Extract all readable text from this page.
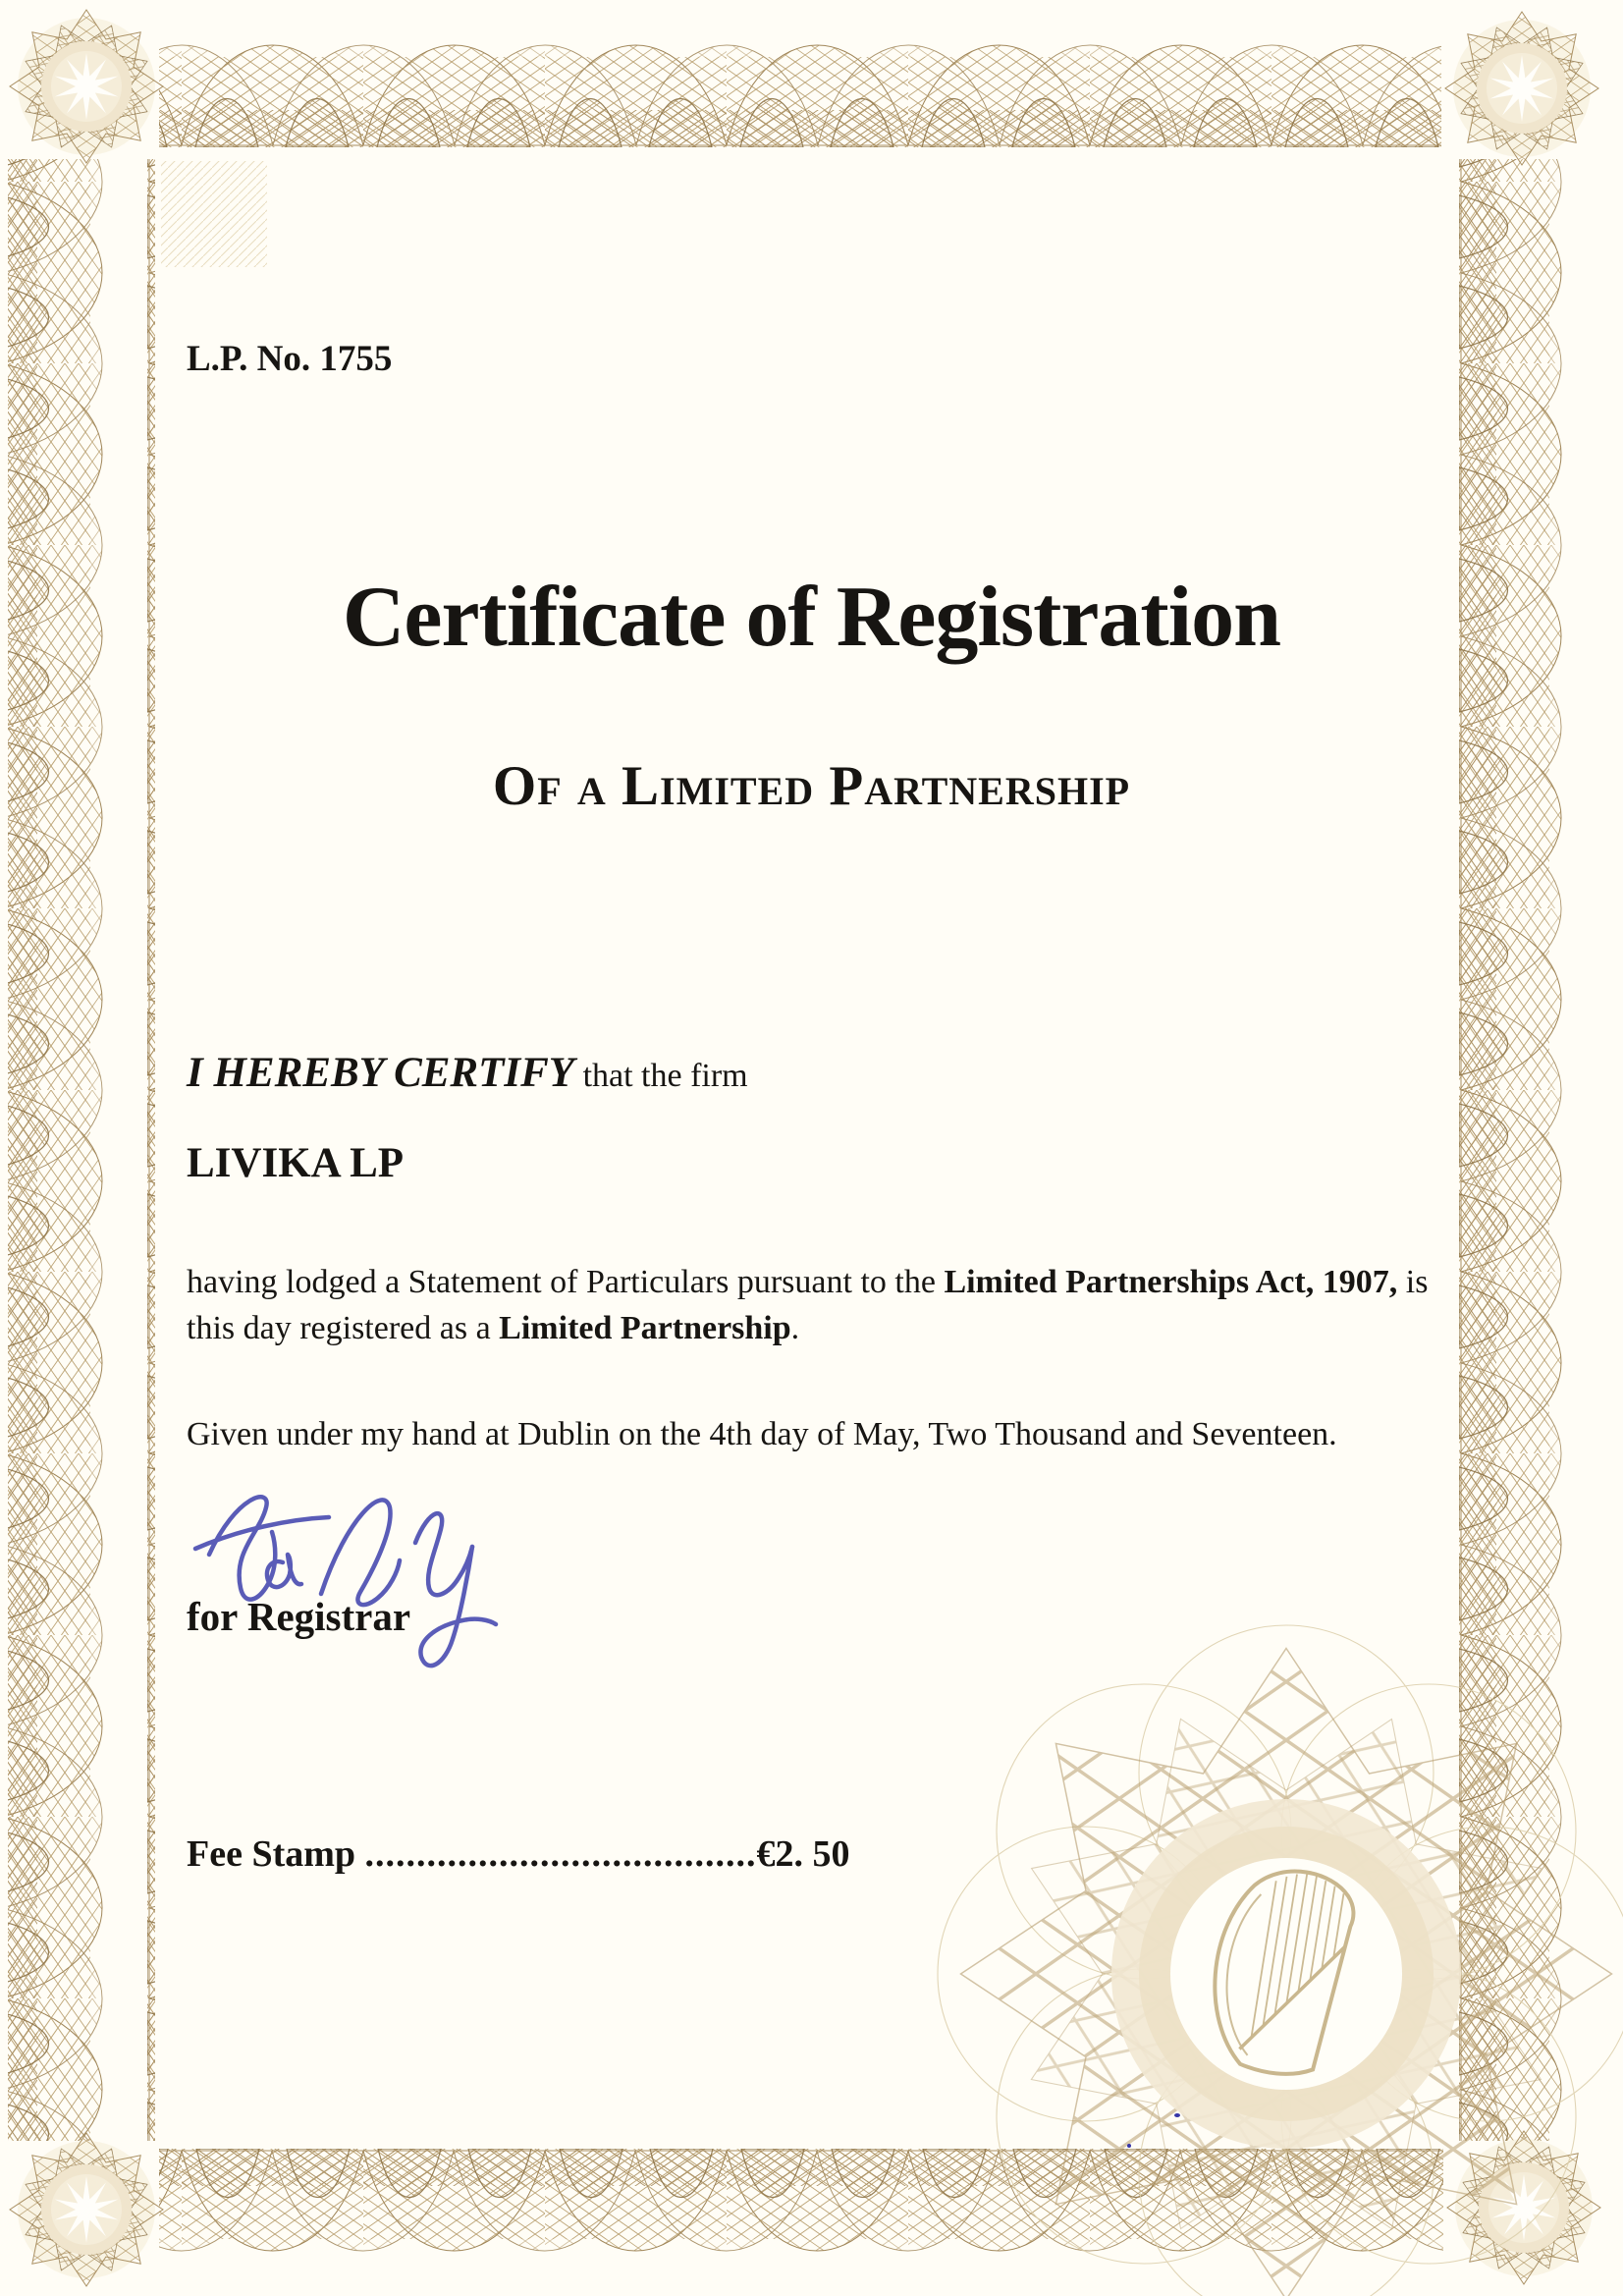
L.P. No. 1755
Certificate of Registration
Of a Limited Partnership
I HEREBY CERTIFY that the firm
LIVIKA LP
having lodged a Statement of Particulars pursuant to the Limited Partnerships Act, 1907, is this day registered as a Limited Partnership.
Given under my hand at Dublin on the 4th day of May, Two Thousand and Seventeen.
for Registrar
Fee Stamp ......................................€2. 50
